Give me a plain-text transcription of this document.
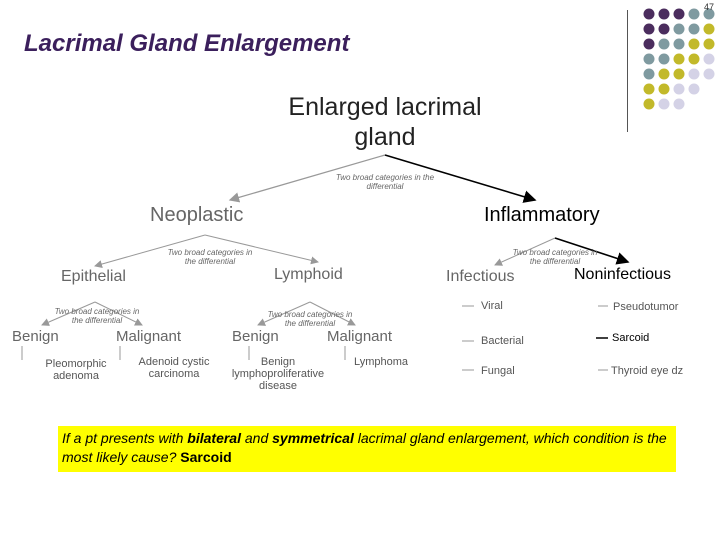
47
Lacrimal Gland Enlargement
Enlarged lacrimal gland
Two broad categories in the differential
Two broad categories in the differential
Two broad categories in the differential
Two broad categories in the differential
Two broad categories in the differential
Neoplastic	Inflammatory
Epithelial	Lymphoid	Infectious	Noninfectious
Benign	Malignant	Benign	Malignant
Pleomorphic adenoma
Adenoid cystic carcinoma
Benign lymphoproliferative disease
Lymphoma
Viral
Bacterial
Fungal
Pseudotumor
Sarcoid
Thyroid eye dz
If a pt presents with bilateral and symmetrical lacrimal gland enlargement, which condition is the most likely cause? Sarcoid
